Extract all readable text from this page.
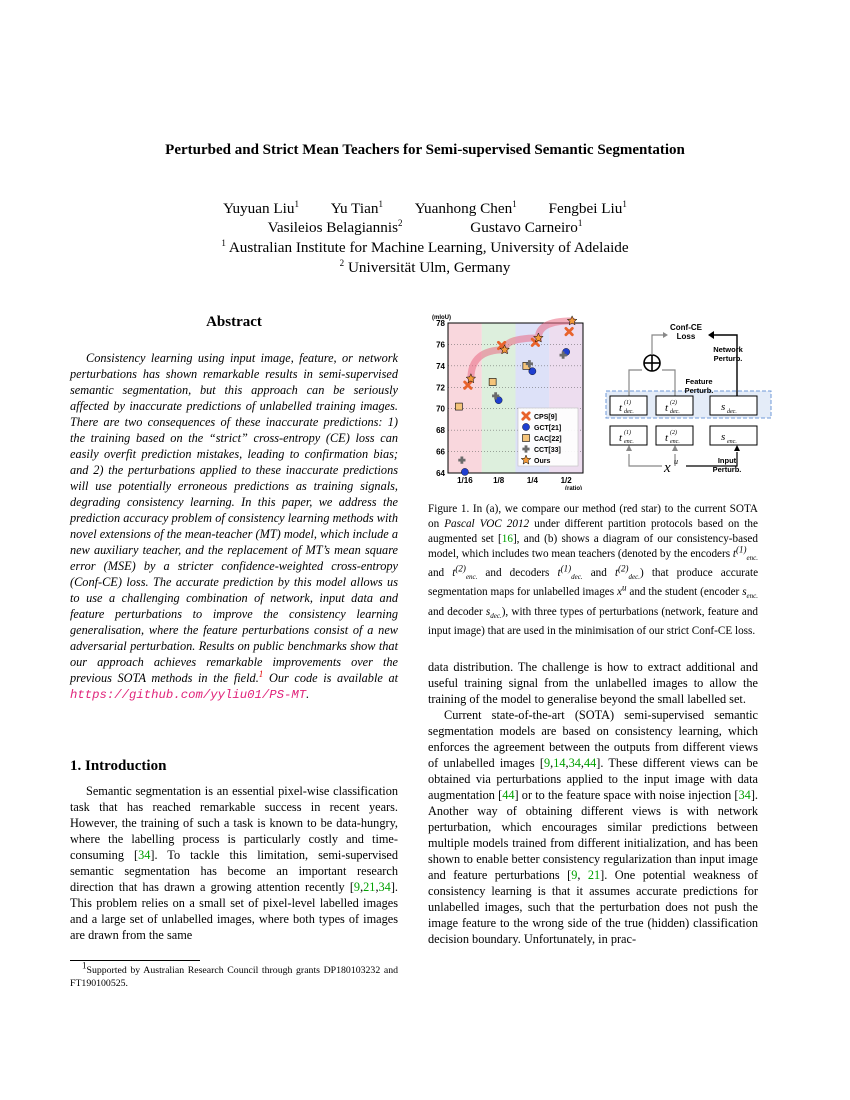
Perturbed and Strict Mean Teachers for Semi-supervised Semantic Segmentation
Yuyuan Liu$^1$ Yu Tian$^1$ Yuanhong Chen$^1$ Fengbei Liu$^1$
Vasileios Belagiannis$^2$	Gustavo Carneiro$^1$
$^1$ Australian Institute for Machine Learning, University of Adelaide
$^2$ Universität Ulm, Germany
Abstract

Consistency learning using input image, feature, or network perturbations has shown remarkable results in semi-supervised semantic segmentation, but this approach can be seriously affected by inaccurate predictions of unlabelled training images. There are two consequences of these inaccurate predictions: 1) the training based on the “strict” cross-entropy (CE) loss can easily overfit prediction mistakes, leading to confirmation bias; and 2) the perturbations applied to these inaccurate predictions will use potentially erroneous predictions as training signals, degrading consistency learning. In this paper, we address the prediction accuracy problem of consistency learning methods with novel extensions of the mean-teacher (MT) model, which include a new auxiliary teacher, and the replacement of MT’s mean square error (MSE) by a stricter confidence-weighted cross-entropy (Conf-CE) loss. The accurate prediction by this model allows us to use a challenging combination of network, input data and feature perturbations to improve the consistency learning generalisation, where the feature perturbations consist of a new adversarial perturbation. Results on public benchmarks show that our approach achieves remarkable improvements over the previous SOTA methods in the field.$^1$ Our code is available at https://github.com/yyliu01/PS-MT.

1. Introduction

Semantic segmentation is an essential pixel-wise classification task that has reached remarkable success in recent years. However, the training of such a task is known to be data-hungry, where the labelling process is particularly costly and time-consuming [34]. To tackle this limitation, semi-supervised semantic segmentation has become an important research direction that has drawn a growing attention recently [9,21,34]. This problem relies on a small set of pixel-level labelled images and a large set of unlabelled images, where both types of images are drawn from the same

$^1$Supported by Australian Research Council through grants DP180103232 and FT190100525.
64
66
68
70
72
74
76
78
1/16	1/8	1/4	1/2
(mIoU)
(ratio)
CPS[9]
GCT[21]
CAC[22]
CCT[33]
Ours
Conf-CE
Loss
Network
Perturb.
Feature
Perturb.
Input
Perturb.
t (1)
dec.	t (2)
dec.	s dec.
t (1)
enc.	t (2)
enc.	s enc.
x u
Figure 1. In (a), we compare our method (red star) to the current SOTA on Pascal VOC 2012 under different partition protocols based on the augmented set [16], and (b) shows a diagram of our consistency-based model, which includes two mean teachers (denoted by the encoders $t^{(1)}_{enc.}$ and $t^{(2)}_{enc.}$ and decoders $t^{(1)}_{dec.}$ and $t^{(2)}_{dec.}$) that produce accurate segmentation maps for unlabelled images $x^u$ and the student (encoder $s_{enc.}$ and decoder $s_{dec.}$), with three types of perturbations (network, feature and input image) that are used in the minimisation of our strict Conf-CE loss.

data distribution. The challenge is how to extract additional and useful training signal from the unlabelled images to allow the training of the model to generalise beyond the small labelled set.

Current state-of-the-art (SOTA) semi-supervised semantic segmentation models are based on consistency learning, which enforces the agreement between the outputs from different views of unlabelled images [9,14,34,44]. These different views can be obtained via perturbations applied to the input image with data augmentation [44] or to the feature space with noise injection [34]. Another way of obtaining different views is with network perturbation, which encourages similar predictions between multiple models trained from different initialization, and has been shown to enable better consistency regularization than input image and feature perturbations [9, 21]. One potential weakness of consistency learning is that it assumes accurate predictions for unlabelled images, such that the perturbation does not push the image feature to the wrong side of the true (hidden) classification decision boundary. Unfortunately, in prac-
